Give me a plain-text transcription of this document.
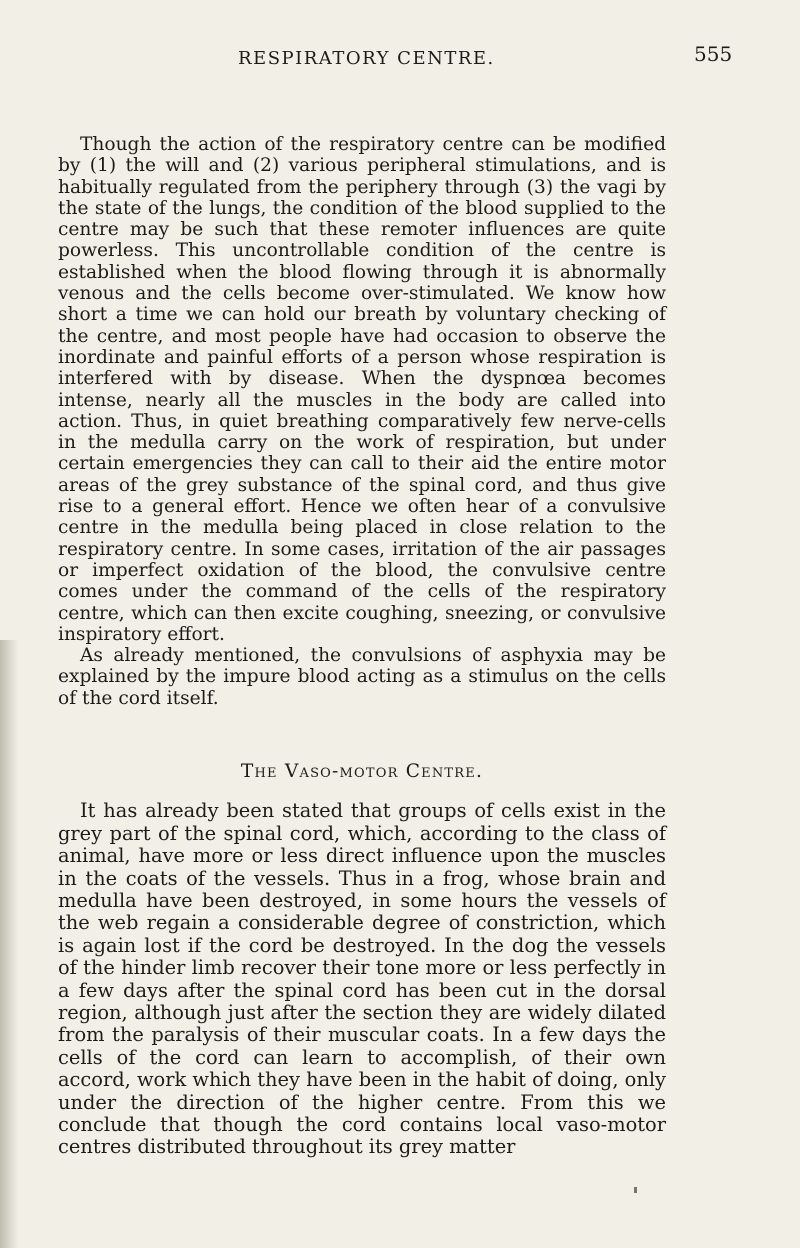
RESPIRATORY CENTRE.	555

Though the action of the respiratory centre can be modified by (1) the will and (2) various peripheral stimulations, and is habitually regulated from the periphery through (3) the vagi by the state of the lungs, the condition of the blood supplied to the centre may be such that these remoter influences are quite powerless. This uncontrollable condition of the centre is established when the blood flowing through it is abnormally venous and the cells become over-stimulated. We know how short a time we can hold our breath by voluntary checking of the centre, and most people have had occasion to observe the inordinate and painful efforts of a person whose respiration is interfered with by disease. When the dyspnœa becomes intense, nearly all the muscles in the body are called into action. Thus, in quiet breathing comparatively few nerve-cells in the medulla carry on the work of respiration, but under certain emergencies they can call to their aid the entire motor areas of the grey substance of the spinal cord, and thus give rise to a general effort. Hence we often hear of a convulsive centre in the medulla being placed in close relation to the respiratory centre. In some cases, irritation of the air passages or imperfect oxidation of the blood, the convulsive centre comes under the command of the cells of the respiratory centre, which can then excite coughing, sneezing, or convulsive inspiratory effort.

As already mentioned, the convulsions of asphyxia may be explained by the impure blood acting as a stimulus on the cells of the cord itself.

The Vaso-motor Centre.

It has already been stated that groups of cells exist in the grey part of the spinal cord, which, according to the class of animal, have more or less direct influence upon the muscles in the coats of the vessels. Thus in a frog, whose brain and medulla have been destroyed, in some hours the vessels of the web regain a considerable degree of constriction, which is again lost if the cord be destroyed. In the dog the vessels of the hinder limb recover their tone more or less perfectly in a few days after the spinal cord has been cut in the dorsal region, although just after the section they are widely dilated from the paralysis of their muscular coats. In a few days the cells of the cord can learn to accomplish, of their own accord, work which they have been in the habit of doing, only under the direction of the higher centre. From this we conclude that though the cord contains local vaso-motor centres distributed throughout its grey matter
